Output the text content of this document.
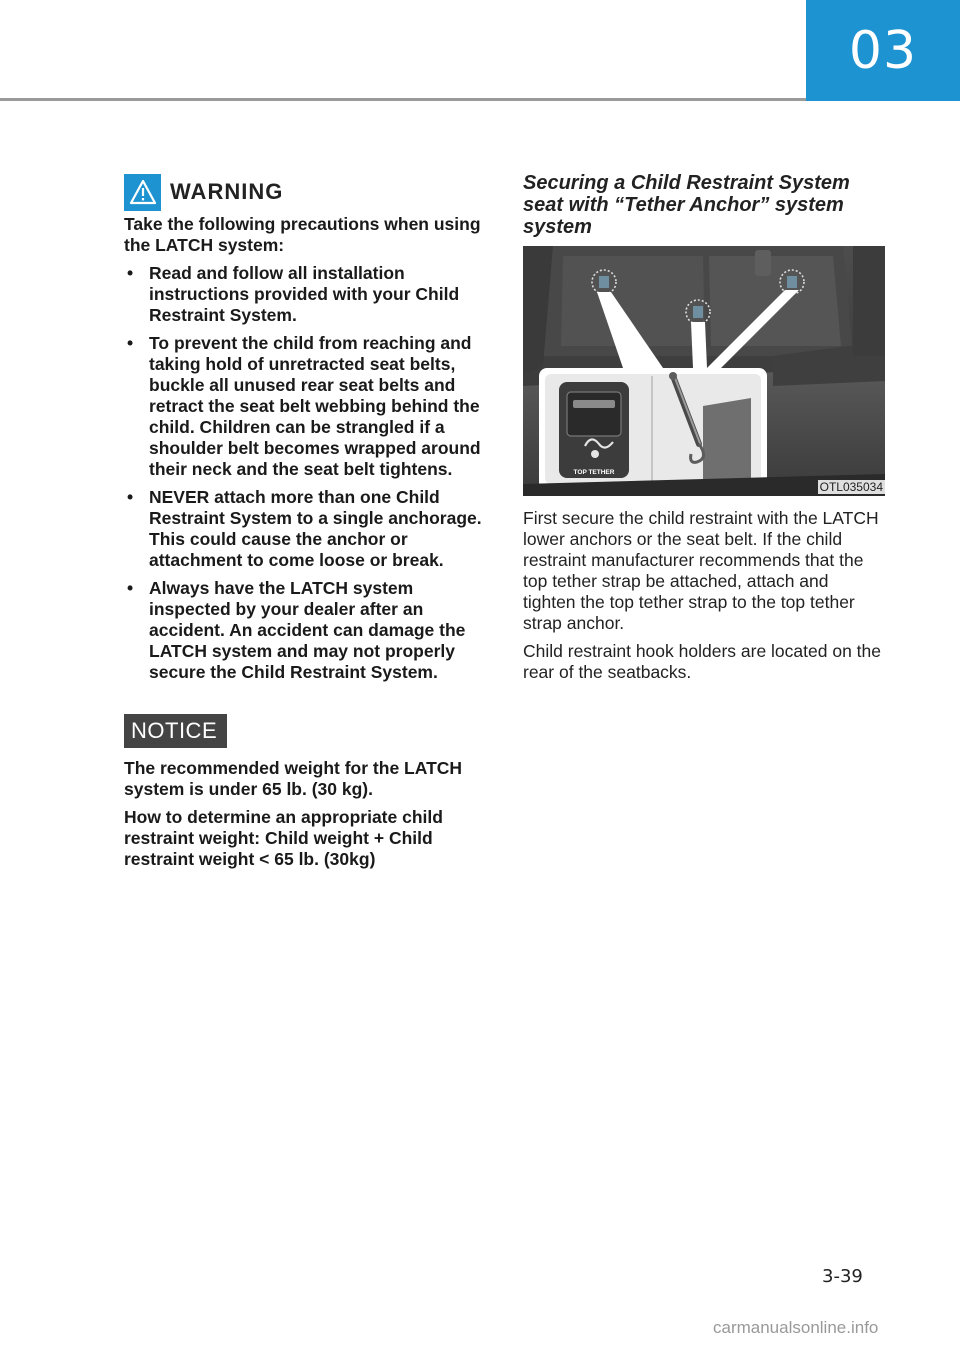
03
WARNING

Take the following precautions when using the LATCH system:

• Read and follow all installation instructions provided with your Child Restraint System.
• To prevent the child from reaching and taking hold of unretracted seat belts, buckle all unused rear seat belts and retract the seat belt webbing behind the child. Children can be strangled if a shoulder belt becomes wrapped around their neck and the seat belt tightens.
• NEVER attach more than one Child Restraint System to a single anchorage. This could cause the anchor or attachment to come loose or break.
• Always have the LATCH system inspected by your dealer after an accident. An accident can damage the LATCH system and may not properly secure the Child Restraint System.
NOTICE

The recommended weight for the LATCH system is under 65 lb. (30 kg).

How to determine an appropriate child restraint weight: Child weight + Child restraint weight < 65 lb. (30kg)

Securing a Child Restraint System seat with “Tether Anchor” system system
TOP TETHER
OTL035034

First secure the child restraint with the LATCH lower anchors or the seat belt. If the child restraint manufacturer recommends that the top tether strap be attached, attach and tighten the top tether strap to the top tether strap anchor.

Child restraint hook holders are located on the rear of the seatbacks.

3-39
carmanualsonline.info
